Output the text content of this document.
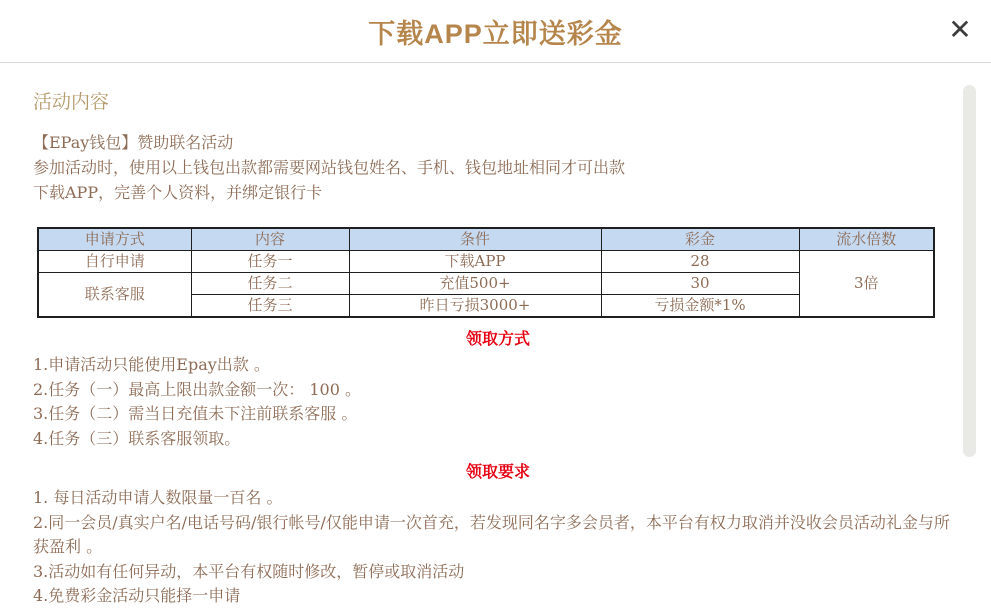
下载APP立即送彩金	✕
活动内容

【EPay钱包】赞助联名活动

参加活动时，使用以上钱包出款都需要网站钱包姓名、手机、钱包地址相同才可出款

下载APP，完善个人资料，并绑定银行卡

申请方式	内容	条件	彩金	流水倍数
自行申请	任务一	下载APP	28	3倍
联系客服	任务二	充值500+	30	
	任务三	昨日亏损3000+	亏损金额*1%	
领取方式

1.申请活动只能使用Epay出款 。

2.任务（一）最高上限出款金额一次： 100 。

3.任务（二）需当日充值未下注前联系客服 。

4.任务（三）联系客服领取。

领取要求

1. 每日活动申请人数限量一百名 。

2.同一会员/真实户名/电话号码/银行帐号/仅能申请一次首充，若发现同名字多会员者，本平台有权力取消并没收会员活动礼金与所获盈利 。

3.活动如有任何异动，本平台有权随时修改，暂停或取消活动

4.免费彩金活动只能择一申请
